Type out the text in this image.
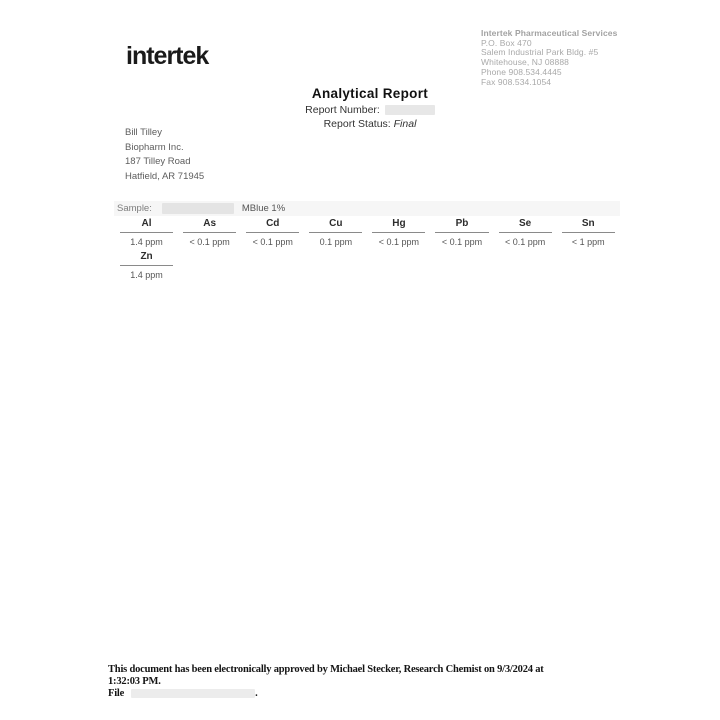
intertek
Intertek Pharmaceutical Services
P.O. Box 470
Salem Industrial Park Bldg. #5
Whitehouse, NJ 08888
Phone 908.534.4445
Fax 908.534.1054
Analytical Report
Report Number:
Report Status: Final
Bill Tilley
Biopharm Inc.
187 Tilley Road
Hatfield, AR 71945
Sample:	MBlue 1%
Al
1.4 ppm
As
< 0.1 ppm
Cd
< 0.1 ppm
Cu
0.1 ppm
Hg
< 0.1 ppm
Pb
< 0.1 ppm
Se
< 0.1 ppm
Sn
< 1 ppm
Zn
1.4 ppm
This document has been electronically approved by Michael Stecker, Research Chemist on 9/3/2024 at 1:32:03 PM.
File	.
